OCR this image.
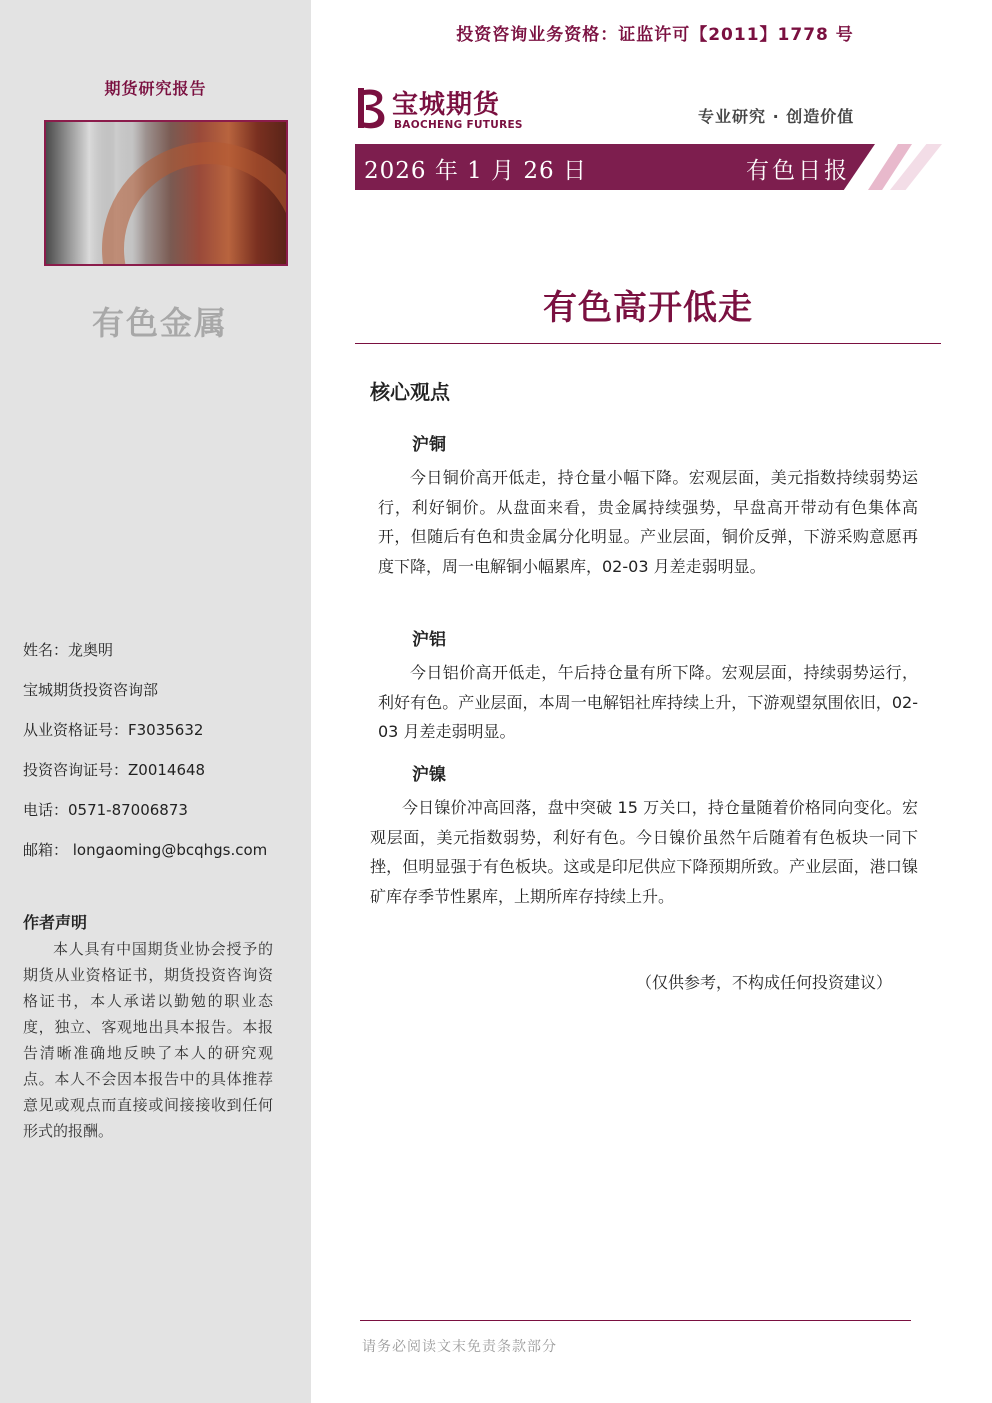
期货研究报告
有色金属
姓名：龙奥明
宝城期货投资咨询部
从业资格证号：F3035632
投资咨询证号：Z0014648
电话：0571-87006873
邮箱： longaoming@bcqhgs.com
作者声明
本人具有中国期货业协会授予的期货从业资格证书，期货投资咨询资格证书，本人承诺以勤勉的职业态度，独立、客观地出具本报告。本报告清晰准确地反映了本人的研究观点。本人不会因本报告中的具体推荐意见或观点而直接或间接接收到任何形式的报酬。
投资咨询业务资格：证监许可【2011】1778 号
宝城期货
BAOCHENG FUTURES	专业研究 · 创造价值
2026 年 1 月 26 日	有色日报
有色高开低走
核心观点
沪铜
今日铜价高开低走，持仓量小幅下降。宏观层面，美元指数持续弱势运行，利好铜价。从盘面来看，贵金属持续强势，早盘高开带动有色集体高开，但随后有色和贵金属分化明显。产业层面，铜价反弹，下游采购意愿再度下降，周一电解铜小幅累库，02-03 月差走弱明显。
沪铝
今日铝价高开低走，午后持仓量有所下降。宏观层面，持续弱势运行，利好有色。产业层面，本周一电解铝社库持续上升，下游观望氛围依旧，02-03 月差走弱明显。
沪镍
今日镍价冲高回落，盘中突破 15 万关口，持仓量随着价格同向变化。宏观层面，美元指数弱势，利好有色。今日镍价虽然午后随着有色板块一同下挫，但明显强于有色板块。这或是印尼供应下降预期所致。产业层面，港口镍矿库存季节性累库，上期所库存持续上升。
（仅供参考，不构成任何投资建议）
请务必阅读文末免责条款部分
